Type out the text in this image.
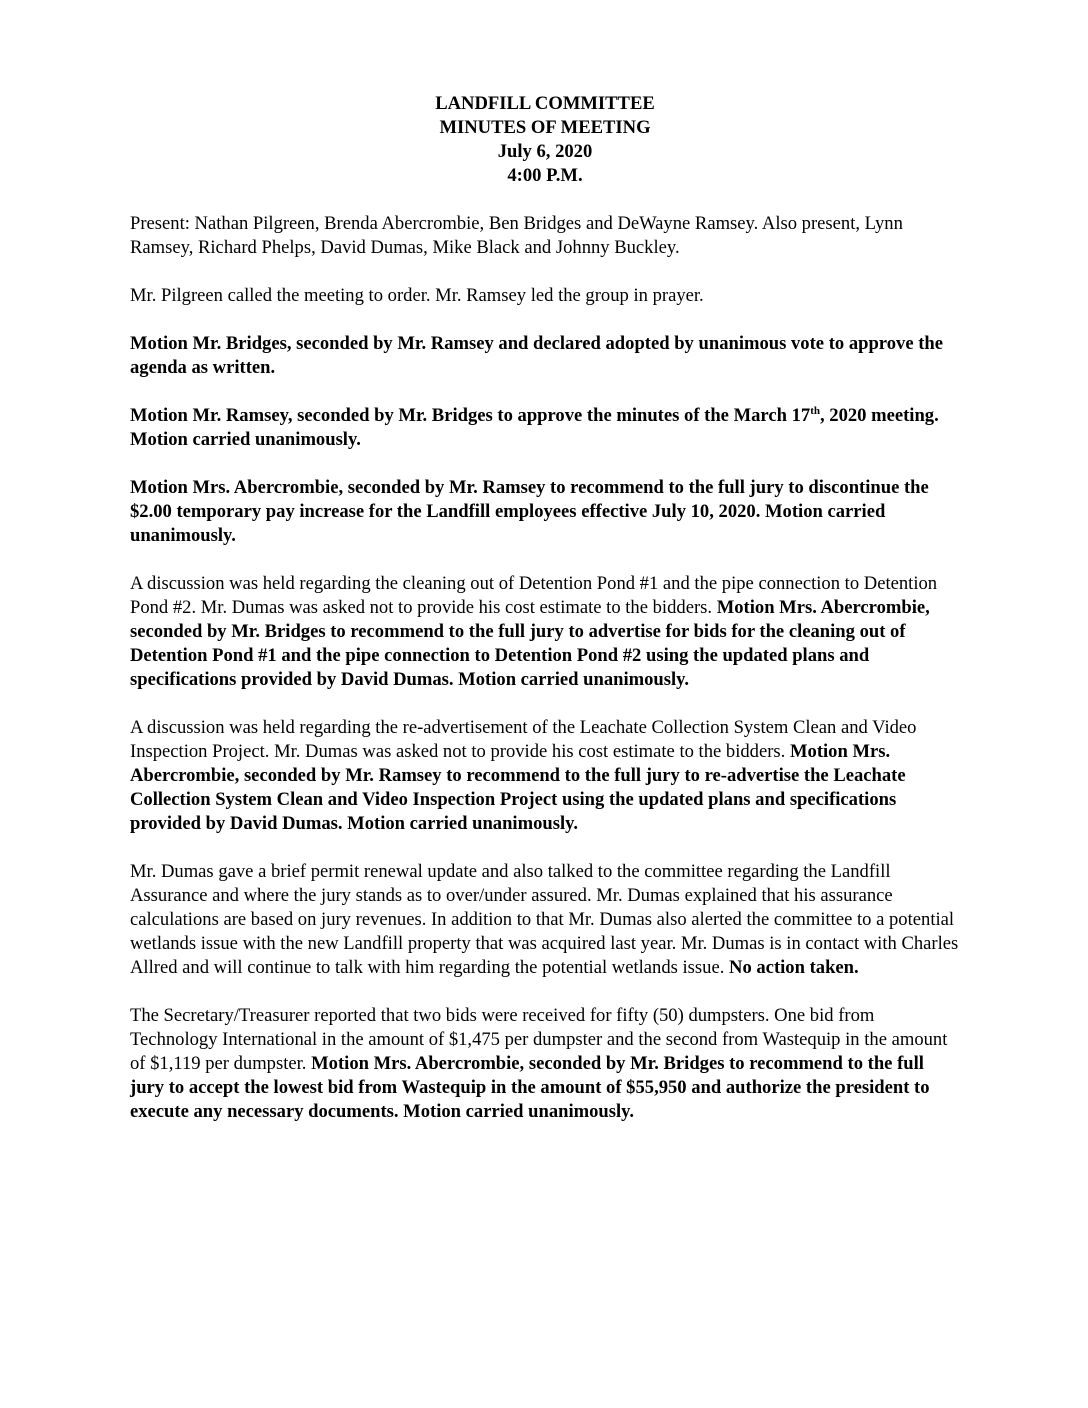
LANDFILL COMMITTEE
MINUTES OF MEETING
July 6, 2020
4:00 P.M.

Present: Nathan Pilgreen, Brenda Abercrombie, Ben Bridges and DeWayne Ramsey. Also present, Lynn Ramsey, Richard Phelps, David Dumas, Mike Black and Johnny Buckley.

Mr. Pilgreen called the meeting to order. Mr. Ramsey led the group in prayer.

Motion Mr. Bridges, seconded by Mr. Ramsey and declared adopted by unanimous vote to approve the agenda as written.

Motion Mr. Ramsey, seconded by Mr. Bridges to approve the minutes of the March 17th, 2020 meeting. Motion carried unanimously.

Motion Mrs. Abercrombie, seconded by Mr. Ramsey to recommend to the full jury to discontinue the $2.00 temporary pay increase for the Landfill employees effective July 10, 2020. Motion carried unanimously.

A discussion was held regarding the cleaning out of Detention Pond #1 and the pipe connection to Detention Pond #2. Mr. Dumas was asked not to provide his cost estimate to the bidders. Motion Mrs. Abercrombie, seconded by Mr. Bridges to recommend to the full jury to advertise for bids for the cleaning out of Detention Pond #1 and the pipe connection to Detention Pond #2 using the updated plans and specifications provided by David Dumas. Motion carried unanimously.

A discussion was held regarding the re-advertisement of the Leachate Collection System Clean and Video Inspection Project. Mr. Dumas was asked not to provide his cost estimate to the bidders. Motion Mrs. Abercrombie, seconded by Mr. Ramsey to recommend to the full jury to re-advertise the Leachate Collection System Clean and Video Inspection Project using the updated plans and specifications provided by David Dumas. Motion carried unanimously.

Mr. Dumas gave a brief permit renewal update and also talked to the committee regarding the Landfill Assurance and where the jury stands as to over/under assured. Mr. Dumas explained that his assurance calculations are based on jury revenues. In addition to that Mr. Dumas also alerted the committee to a potential wetlands issue with the new Landfill property that was acquired last year. Mr. Dumas is in contact with Charles Allred and will continue to talk with him regarding the potential wetlands issue. No action taken.

The Secretary/Treasurer reported that two bids were received for fifty (50) dumpsters. One bid from Technology International in the amount of $1,475 per dumpster and the second from Wastequip in the amount of $1,119 per dumpster. Motion Mrs. Abercrombie, seconded by Mr. Bridges to recommend to the full jury to accept the lowest bid from Wastequip in the amount of $55,950 and authorize the president to execute any necessary documents. Motion carried unanimously.
